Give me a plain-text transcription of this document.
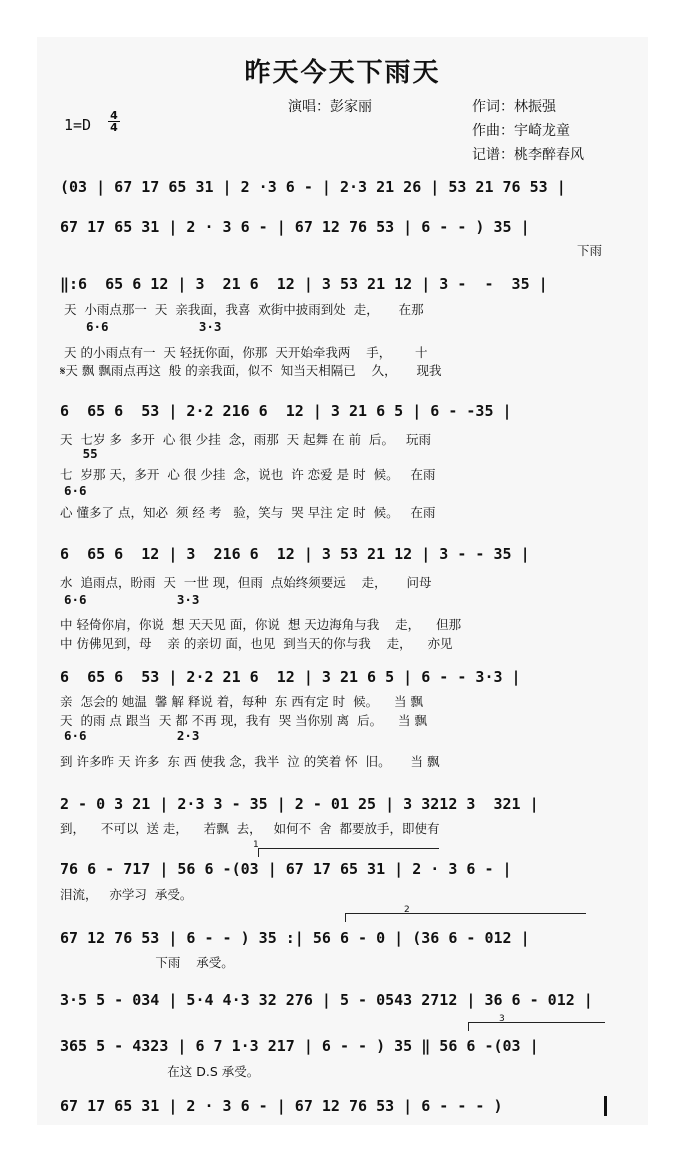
昨天今天下雨天
演唱：彭家丽	作词：林振强
作曲：宇崎龙童
记谱：桃李醉春风
1=D
4
4
(03 | 67 17 65 31 | 2 ·3 6 - | 2·3 21 26 | 53 21 76 53 |
67 17 65 31 | 2 · 3 6 - | 67 12 76 53 | 6 - - ) 35 |
下雨
‖:6  65 6 12 | 3  21 6  12 | 3 53 21 12 | 3 -  -  35 |
天  小雨点那一  天  亲我面，我喜  欢街中披雨到处  走，     在那
6·6            3·3
天 的小雨点有一  天 轻抚你面，你那  天开始牵我两    手，      十
𝄋天 飘 飘雨点再这  般 的亲我面，似不  知当天相隔已    久，     现我
6  65 6  53 | 2·2 216 6  12 | 3 21 6 5 | 6 - -35 |
天  七岁 多  多开  心 很 少挂  念，雨那  天 起舞 在 前  后。   玩雨
55
七  岁那 天，多开  心 很 少挂  念，说也  许 恋爱 是 时  候。   在雨
6·6
心 懂多了 点，知必  须 经 考   验，笑与  哭 早注 定 时  候。   在雨
6  65 6  12 | 3  216 6  12 | 3 53 21 12 | 3 - - 35 |
水  追雨点，盼雨  天  一世 现，但雨  点始终须要远    走，     问母
6·6            3·3
中 轻倚你肩，你说  想 天天见 面，你说  想 天边海角与我    走，    但那
中 仿佛见到，母    亲 的亲切 面，也见  到当天的你与我    走，    亦见
6  65 6  53 | 2·2 21 6  12 | 3 21 6 5 | 6 - - 3·3 |
亲  怎会的 她温  馨 解 释说 着，每种  东 西有定 时  候。    当 飘
天  的雨 点 跟当  天 都 不再 现，我有  哭 当你别 离  后。    当 飘
6·6            2·3
到 许多昨 天 许多  东 西 使我 念，我半  泣 的笑着 怀  旧。     当 飘
2 - 0 3 21 | 2·3 3 - 35 | 2 - 01 25 | 3 3212 3  321 |
到，    不可以  送 走，    若飘  去，   如何不  舍  都要放手，即使有
1
76 6 - 717 | 56 6 -(03 | 67 17 65 31 | 2 · 3 6 - |
泪流，   亦学习  承受。
2
67 12 76 53 | 6 - - ) 35 :| 56 6 - 0 | (36 6 - 012 |
下雨    承受。
3·5 5 - 034 | 5·4 4·3 32 276 | 5 - 0543 2712 | 36 6 - 012 |
3
365 5 - 4323 | 6 7 1·3 217 | 6 - - ) 35 ‖ 56 6 -(03 |
在这 D.S 承受。
67 17 65 31 | 2 · 3 6 - | 67 12 76 53 | 6 - - - )
